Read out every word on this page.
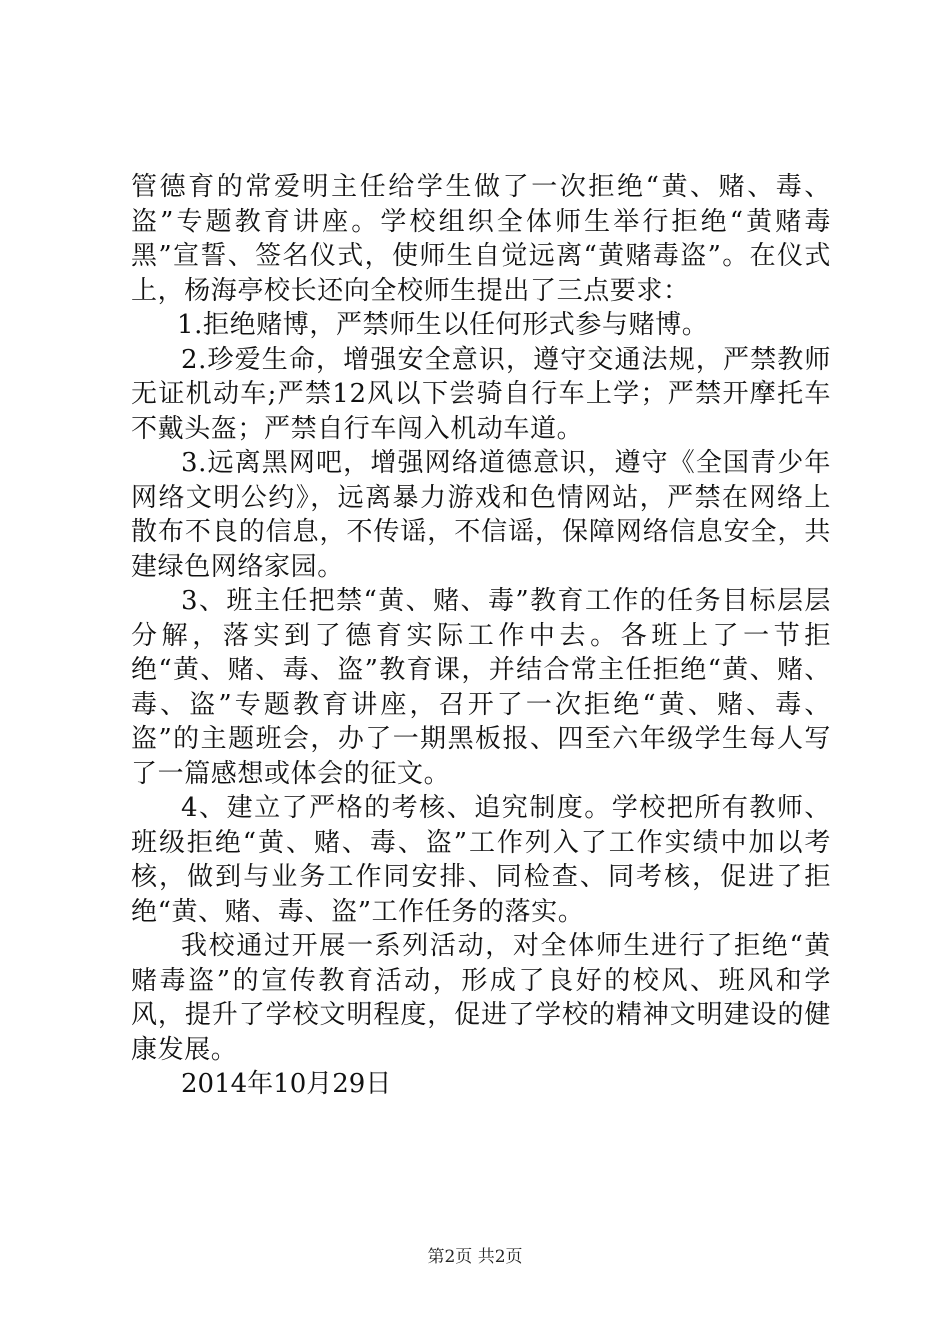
管德育的常爱明主任给学生做了一次拒绝“黄、赌、毒、盗”专题教育讲座。学校组织全体师生举行拒绝“黄赌毒黑”宣誓、签名仪式，使师生自觉远离“黄赌毒盗”。在仪式上，杨海亭校长还向全校师生提出了三点要求：

1.拒绝赌博，严禁师生以任何形式参与赌博。

2.珍爱生命，增强安全意识，遵守交通法规，严禁教师无证机动车;严禁12风以下尝骑自行车上学；严禁开摩托车不戴头盔；严禁自行车闯入机动车道。

3.远离黑网吧，增强网络道德意识，遵守《全国青少年网络文明公约》，远离暴力游戏和色情网站，严禁在网络上散布不良的信息，不传谣，不信谣，保障网络信息安全，共建绿色网络家园。

3、班主任把禁“黄、赌、毒”教育工作的任务目标层层分解，落实到了德育实际工作中去。各班上了一节拒绝“黄、赌、毒、盗”教育课，并结合常主任拒绝“黄、赌、毒、盗”专题教育讲座，召开了一次拒绝“黄、赌、毒、盗”的主题班会，办了一期黑板报、四至六年级学生每人写了一篇感想或体会的征文。

4、建立了严格的考核、追究制度。学校把所有教师、班级拒绝“黄、赌、毒、盗”工作列入了工作实绩中加以考核，做到与业务工作同安排、同检查、同考核，促进了拒绝“黄、赌、毒、盗”工作任务的落实。

我校通过开展一系列活动，对全体师生进行了拒绝“黄赌毒盗”的宣传教育活动，形成了良好的校风、班风和学风，提升了学校文明程度，促进了学校的精神文明建设的健康发展。

2014年10月29日

第2页 共2页
